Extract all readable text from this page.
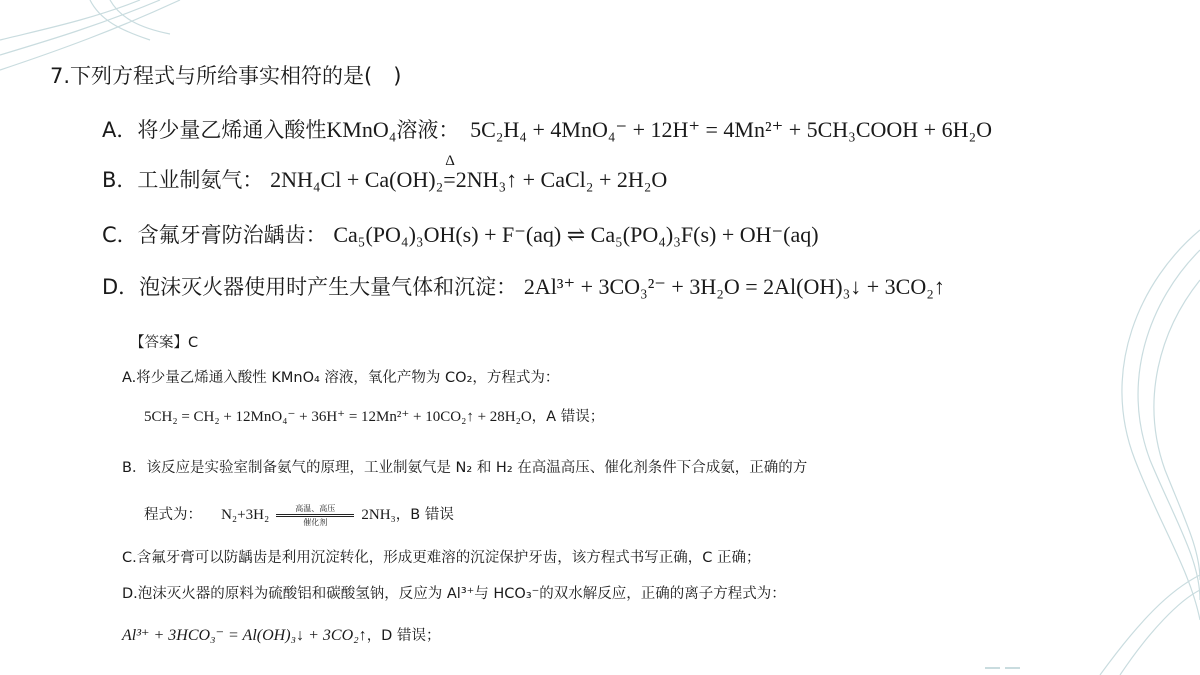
7.下列方程式与所给事实相符的是(　)
A．将少量乙烯通入酸性KMnO₄溶液： 5C₂H₄ + 4MnO₄⁻ + 12H⁺ = 4Mn²⁺ + 5CH₃COOH + 6H₂O
B．工业制氨气： 2NH₄Cl + Ca(OH)₂
Δ
=2NH₃↑ + CaCl₂ + 2H₂O
C．含氟牙膏防治龋齿： Ca₅(PO₄)₃OH(s) + F⁻(aq) ⇌ Ca₅(PO₄)₃F(s) + OH⁻(aq)
D．泡沫灭火器使用时产生大量气体和沉淀： 2Al³⁺ + 3CO₃²⁻ + 3H₂O = 2Al(OH)₃↓ + 3CO₂↑
【答案】C
A.将少量乙烯通入酸性 KMnO₄ 溶液，氧化产物为 CO₂，方程式为：
5CH₂ = CH₂ + 12MnO₄⁻ + 36H⁺ = 12Mn²⁺ + 10CO₂↑ + 28H₂O，A 错误；
B．该反应是实验室制备氨气的原理，工业制氨气是 N₂ 和 H₂ 在高温高压、催化剂条件下合成氨，正确的方
程式为： N₂+3H₂	高温、高压
催化剂	2NH₃，B 错误
C.含氟牙膏可以防龋齿是利用沉淀转化，形成更难溶的沉淀保护牙齿，该方程式书写正确，C 正确；
D.泡沫灭火器的原料为硫酸铝和碳酸氢钠，反应为 Al³⁺与 HCO₃⁻的双水解反应，正确的离子方程式为：
Al³⁺ + 3HCO₃⁻ = Al(OH)₃↓ + 3CO₂↑，D 错误；
